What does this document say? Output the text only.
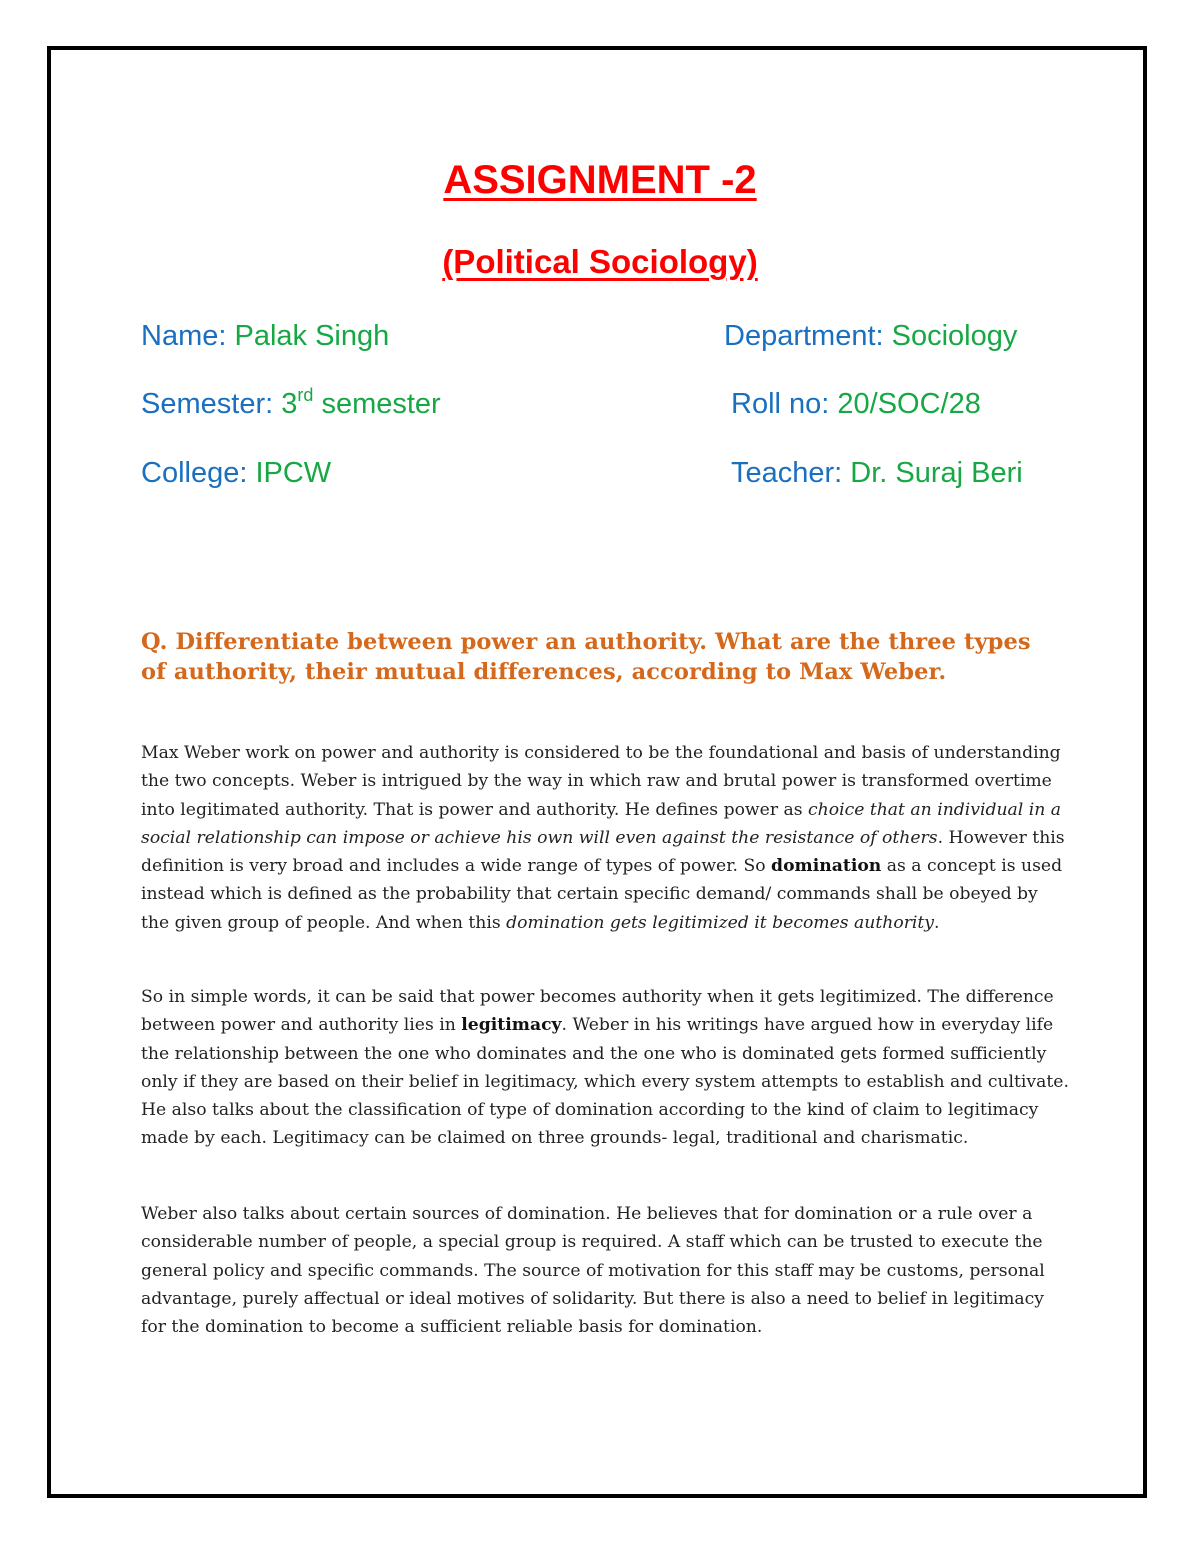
ASSIGNMENT -2
(Political Sociology)
Name: Palak Singh	Department: Sociology
Semester: 3rd semester	Roll no: 20/SOC/28
College: IPCW	Teacher: Dr. Suraj Beri
Q. Differentiate between power an authority. What are the three types of authority, their mutual differences, according to Max Weber.

Max Weber work on power and authority is considered to be the foundational and basis of understanding the two concepts. Weber is intrigued by the way in which raw and brutal power is transformed overtime into legitimated authority. That is power and authority. He defines power as choice that an individual in a social relationship can impose or achieve his own will even against the resistance of others. However this definition is very broad and includes a wide range of types of power. So domination as a concept is used instead which is defined as the probability that certain specific demand/ commands shall be obeyed by the given group of people. And when this domination gets legitimized it becomes authority.

So in simple words, it can be said that power becomes authority when it gets legitimized. The difference between power and authority lies in legitimacy. Weber in his writings have argued how in everyday life the relationship between the one who dominates and the one who is dominated gets formed sufficiently only if they are based on their belief in legitimacy, which every system attempts to establish and cultivate. He also talks about the classification of type of domination according to the kind of claim to legitimacy made by each. Legitimacy can be claimed on three grounds- legal, traditional and charismatic.

Weber also talks about certain sources of domination. He believes that for domination or a rule over a considerable number of people, a special group is required. A staff which can be trusted to execute the general policy and specific commands. The source of motivation for this staff may be customs, personal advantage, purely affectual or ideal motives of solidarity. But there is also a need to belief in legitimacy for the domination to become a sufficient reliable basis for domination.
